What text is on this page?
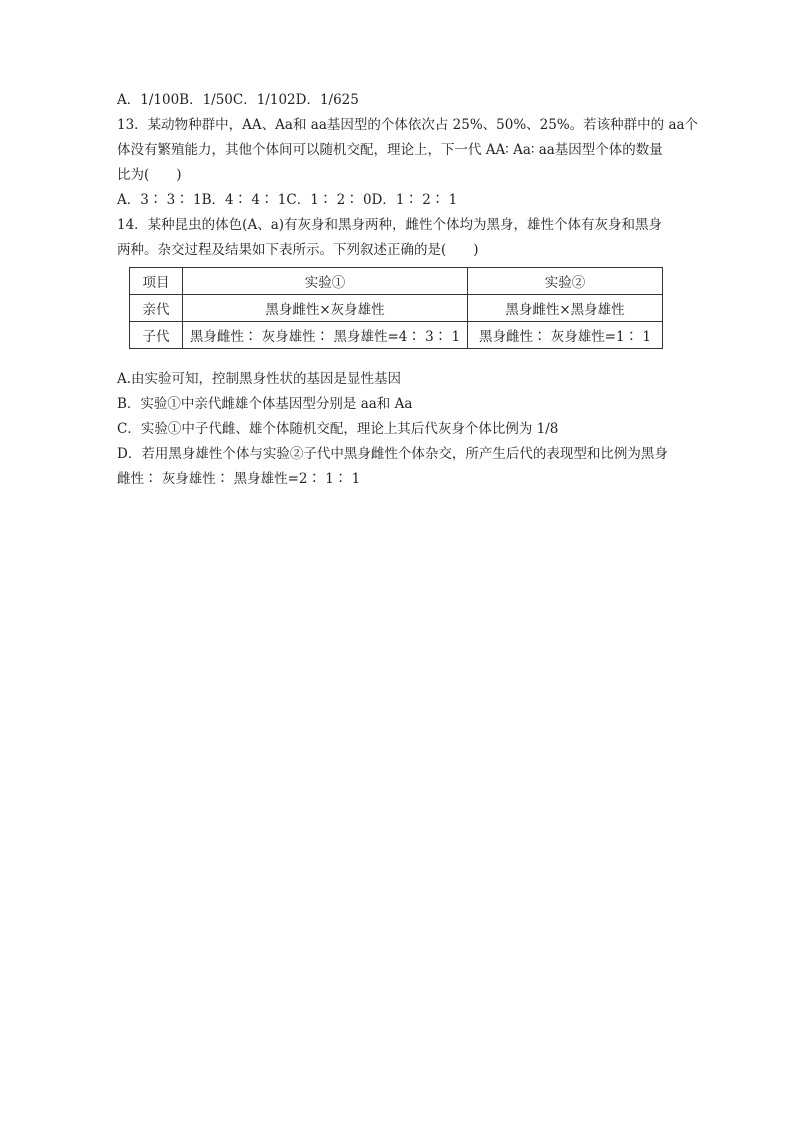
A．1/100B．1/50C．1/102D．1/625
13．某动物种群中，AA、Aa和 aa基因型的个体依次占 25%、50%、25%。若该种群中的 aa个
体没有繁殖能力，其他个体间可以随机交配，理论上，下一代 AA∶ Aa∶ aa基因型个体的数量
比为(　　)
A．3∶ 3∶ 1B．4∶ 4∶ 1C．1∶ 2∶ 0D．1∶ 2∶ 1
14．某种昆虫的体色(A、a)有灰身和黑身两种，雌性个体均为黑身，雄性个体有灰身和黑身
两种。杂交过程及结果如下表所示。下列叙述正确的是(　　)
项目	实验①	实验②
亲代	黑身雌性×灰身雄性	黑身雌性×黑身雄性
子代	黑身雌性∶ 灰身雄性∶ 黑身雄性=4∶ 3∶ 1	黑身雌性∶ 灰身雄性=1∶ 1
A.由实验可知，控制黑身性状的基因是显性基因
B．实验①中亲代雌雄个体基因型分别是 aa和 Aa
C．实验①中子代雌、雄个体随机交配，理论上其后代灰身个体比例为 1/8
D．若用黑身雄性个体与实验②子代中黑身雌性个体杂交，所产生后代的表现型和比例为黑身
雌性∶ 灰身雄性∶ 黑身雄性=2∶ 1∶ 1
